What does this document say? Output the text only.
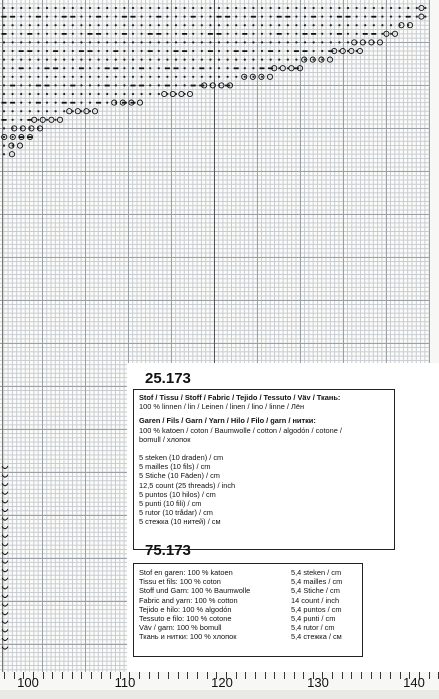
100	110	120	130	140
25.173

Stof / Tissu / Stoff / Fabric / Tejido / Tessuto / Väv / Ткань:

100 % linnen / lin / Leinen / linen / lino / linne / Лён

Garen / Fils / Garn / Yarn / Hilo / Filo / garn / нитки:

100 % katoen / coton / Baumwolle / cotton / algodón / cotone /

bomull / хлопок

5 steken (10 draden) / cm

5 mailles (10 fils) / cm

5 Stiche (10 Fäden) / cm

12,5 count (25 threads) / inch

5 puntos (10 hilos) / cm

5 punti (10 fili) / cm

5 rutor (10 trådar) / cm

5 стежка (10 нитей) / см

75.173
Stof en garen: 100 % katoen	5,4 steken / cm
Tissu et fils: 100 % coton	5,4 mailles / cm
Stoff und Garn: 100 % Baumwolle	5,4 Stiche / cm
Fabric and yarn: 100 % cotton	14 count / inch
Tejido e hilo: 100 % algodón	5,4 puntos / cm
Tessuto e filo: 100 % cotone	5,4 punti / cm
Väv / garn: 100 % bomull	5,4 rutor / cm
Ткань и нитки: 100 % хлопок	5,4 стежка / см
